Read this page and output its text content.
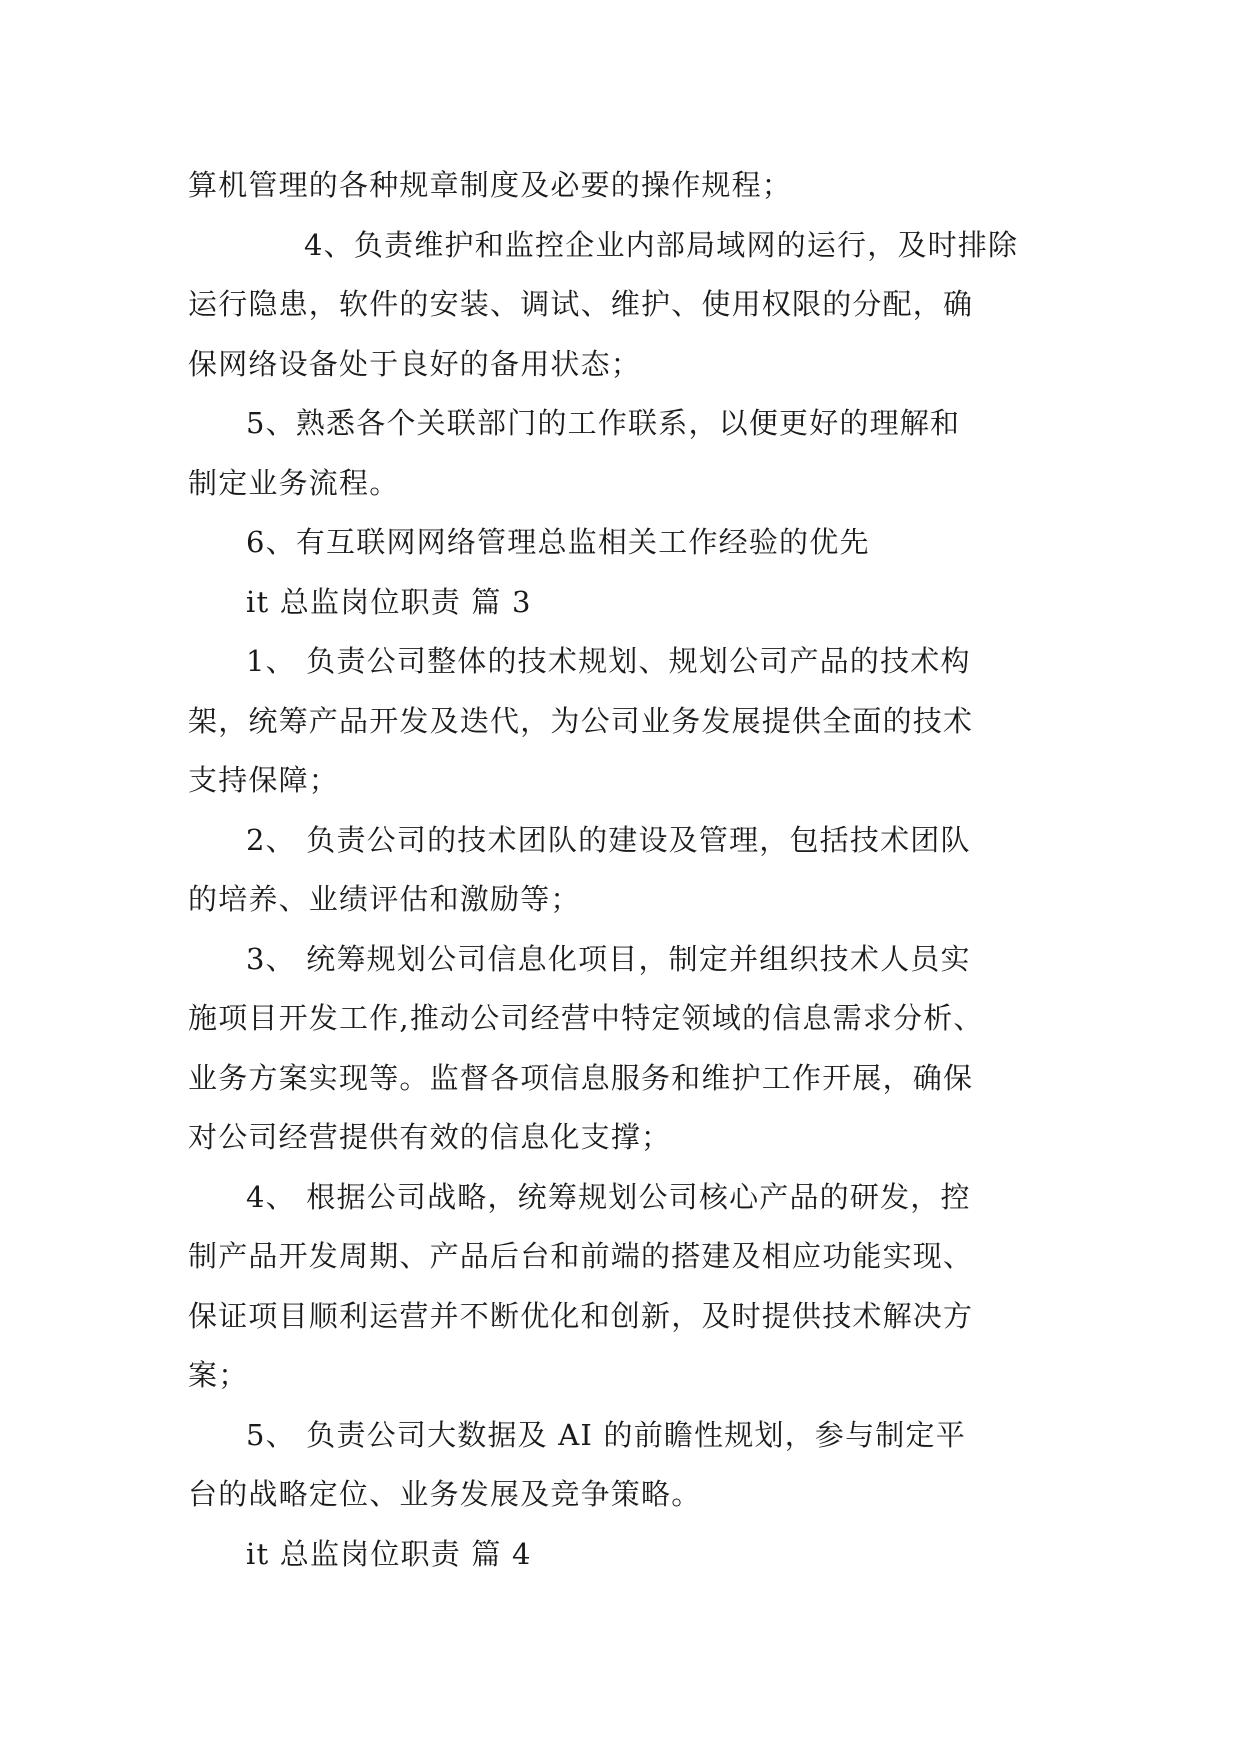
算机管理的各种规章制度及必要的操作规程；
4、负责维护和监控企业内部局域网的运行，及时排除
运行隐患，软件的安装、调试、维护、使用权限的分配，确
保网络设备处于良好的备用状态；
5、熟悉各个关联部门的工作联系，以便更好的理解和
制定业务流程。
6、有互联网网络管理总监相关工作经验的优先
it 总监岗位职责 篇 3
1、 负责公司整体的技术规划、规划公司产品的技术构
架，统筹产品开发及迭代，为公司业务发展提供全面的技术
支持保障；
2、 负责公司的技术团队的建设及管理，包括技术团队
的培养、业绩评估和激励等；
3、 统筹规划公司信息化项目，制定并组织技术人员实
施项目开发工作,推动公司经营中特定领域的信息需求分析、
业务方案实现等。监督各项信息服务和维护工作开展，确保
对公司经营提供有效的信息化支撑；
4、 根据公司战略，统筹规划公司核心产品的研发，控
制产品开发周期、产品后台和前端的搭建及相应功能实现、
保证项目顺利运营并不断优化和创新，及时提供技术解决方
案；
5、 负责公司大数据及 AI 的前瞻性规划，参与制定平
台的战略定位、业务发展及竞争策略。
it 总监岗位职责 篇 4
